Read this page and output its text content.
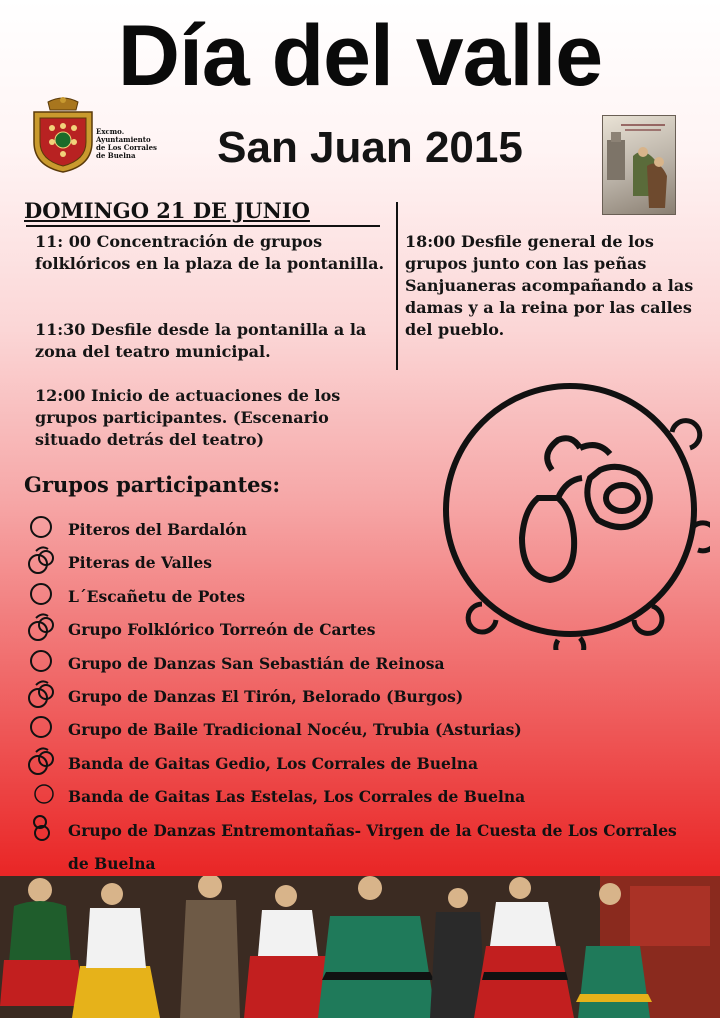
Día del valle
Excmo.
Ayuntamiento
de Los Corrales
de Buelna	San Juan 2015
DOMINGO 21 DE JUNIO
11: 00 Concentración de grupos folklóricos en la plaza de la pontanilla.
11:30 Desfile desde la pontanilla a la zona del teatro municipal.
12:00 Inicio de actuaciones de los grupos participantes. (Escenario situado detrás del teatro)
18:00 Desfile general de los grupos junto con las peñas Sanjuaneras acompañando a las damas y a la reina por las calles del pueblo.
Grupos participantes:
Piteros del Bardalón
Piteras de Valles
L´Escañetu de Potes
Grupo Folklórico Torreón de Cartes
Grupo de Danzas San Sebastián de Reinosa
Grupo de Danzas El Tirón, Belorado (Burgos)
Grupo de Baile Tradicional Nocéu, Trubia (Asturias)
Banda de Gaitas Gedio, Los Corrales de Buelna
Banda de Gaitas Las Estelas, Los Corrales de Buelna
Grupo de Danzas Entremontañas- Virgen de la Cuesta de Los Corrales de Buelna
